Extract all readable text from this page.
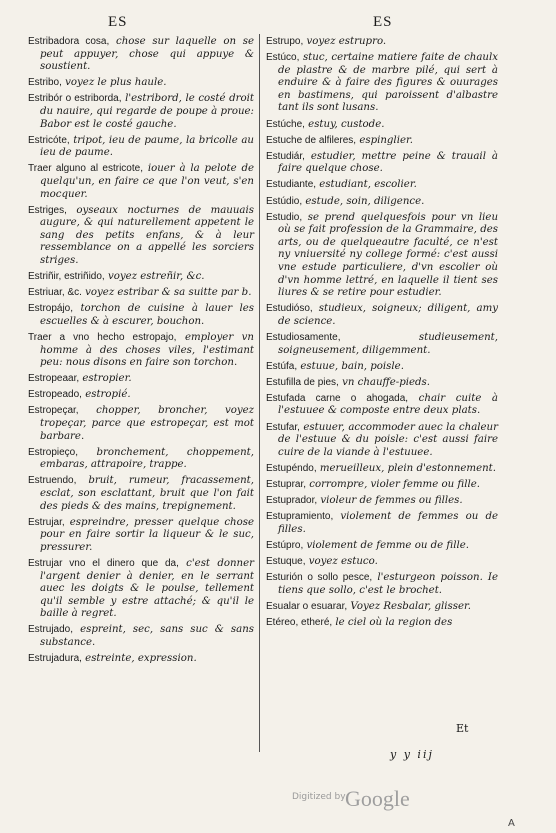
ES	ES

Estribadora cosa, chose sur laquelle on se peut appuyer, chose qui appuye & soustient.

Estribo, voyez le plus haule.

Estribór o estriborda, l'estribord, le costé droit du nauire, qui regarde de poupe à proue: Babor est le costé gauche.

Estricóte, tripot, ieu de paume, la bricolle au ieu de paume.

Traer alguno al estricote, iouer à la pelote de quelqu'un, en faire ce que l'on veut, s'en mocquer.

Estriges, oyseaux nocturnes de mauuais augure, & qui naturellement appetent le sang des petits enfans, & à leur ressemblance on a appellé les sorciers striges.

Estriñir, estriñido, voyez estreñir, &c.

Estriuar, &c. voyez estribar & sa suitte par b.

Estropájo, torchon de cuisine à lauer les escuelles & à escurer, bouchon.

Traer a vno hecho estropajo, employer vn homme à des choses viles, l'estimant peu: nous disons en faire son torchon.

Estropeaar, estropier.

Estropeado, estropié.

Estropeçar, chopper, broncher, voyez tropeçar, parce que estropeçar, est mot barbare.

Estropieço, bronchement, choppement, embaras, attrapoire, trappe.

Estruendo, bruit, rumeur, fracassement, esclat, son esclattant, bruit que l'on fait des pieds & des mains, trepignement.

Estrujar, espreindre, presser quelque chose pour en faire sortir la liqueur & le suc, pressurer.

Estrujar vno el dinero que da, c'est donner l'argent denier à denier, en le serrant auec les doigts & le poulse, tellement qu'il semble y estre attaché; & qu'il le baille à regret.

Estrujado, espreint, sec, sans suc & sans substance.

Estrujadura, estreinte, expression.

Estrupo, voyez estrupro.

Estúco, stuc, certaine matiere faite de chaulx de plastre & de marbre pilé, qui sert à enduire & à faire des figures & ouurages en bastimens, qui paroissent d'albastre tant ils sont lusans.

Estúche, estuy, custode.

Estuche de alfileres, espinglier.

Estudiár, estudier, mettre peine & trauail à faire quelque chose.

Estudiante, estudiant, escolier.

Estúdio, estude, soin, diligence.

Estudio, se prend quelquesfois pour vn lieu où se fait profession de la Grammaire, des arts, ou de quelqueautre faculté, ce n'est ny vniuersité ny college formé: c'est aussi vne estude particuliere, d'vn escolier où d'vn homme lettré, en laquelle il tient ses liures & se retire pour estudier.

Estudióso, studieux, soigneux; diligent, amy de science.

Estudiosamente,	studieusement, soigneusement, diligemment.

Estúfa, estuue, bain, poisle.

Estufilla de pies, vn chauffe-pieds.

Estufada carne o ahogada, chair cuite à l'estuuee & composte entre deux plats.

Estufar, estuuer, accommoder auec la chaleur de l'estuue & du poisle: c'est aussi faire cuire de la viande à l'estuuee.

Estupéndo, merueilleux, plein d'estonnement.

Estuprar, corrompre, violer femme ou fille.

Estuprador, violeur de femmes ou filles.

Estupramiento, violement de femmes ou de filles.

Estúpro, violement de femme ou de fille.

Estuque, voyez estuco.

Esturión o sollo pesce, l'esturgeon poisson. Ie tiens que sollo, c'est le brochet.

Esualar o esuarar, Voyez Resbalar, glisser.

Etéreo, etheré, le ciel où la region des

Et
y y iij
Digitized by Google
A
